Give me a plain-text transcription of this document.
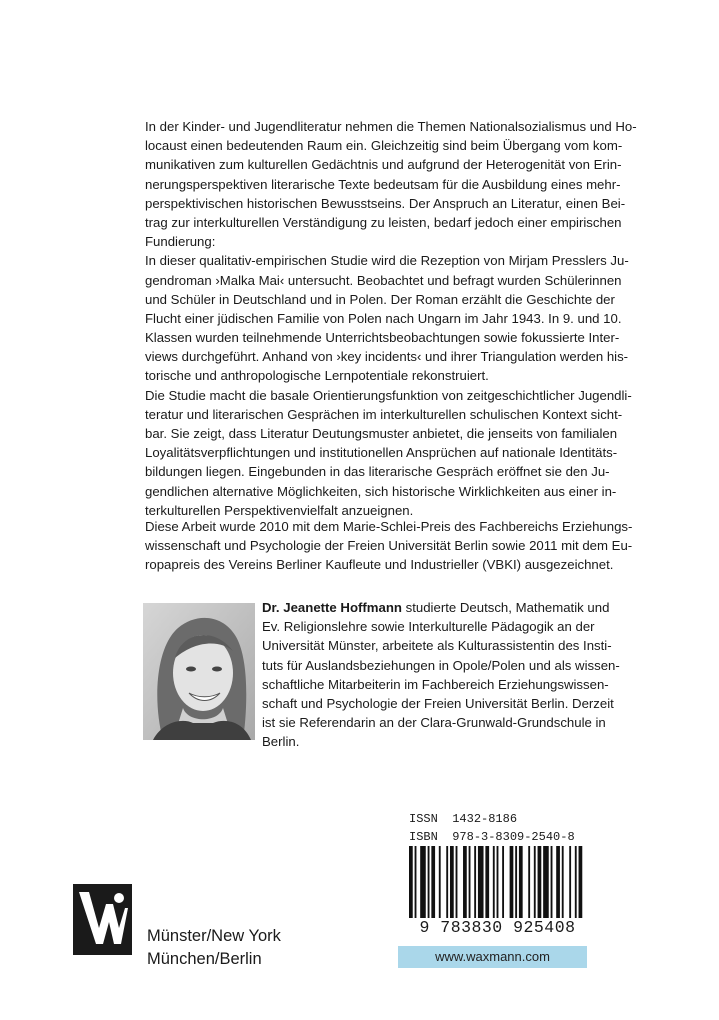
In der Kinder- und Jugendliteratur nehmen die Themen Nationalsozialismus und Ho-
locaust einen bedeutenden Raum ein. Gleichzeitig sind beim Übergang vom kom-
munikativen zum kulturellen Gedächtnis und aufgrund der Heterogenität von Erin-
nerungsperspektiven literarische Texte bedeutsam für die Ausbildung eines mehr-
perspektivischen historischen Bewusstseins. Der Anspruch an Literatur, einen Bei-
trag zur interkulturellen Verständigung zu leisten, bedarf jedoch einer empirischen
Fundierung:
In dieser qualitativ-empirischen Studie wird die Rezeption von Mirjam Presslers Ju-
gendroman ›Malka Mai‹ untersucht. Beobachtet und befragt wurden Schülerinnen
und Schüler in Deutschland und in Polen. Der Roman erzählt die Geschichte der
Flucht einer jüdischen Familie von Polen nach Ungarn im Jahr 1943. In 9. und 10.
Klassen wurden teilnehmende Unterrichtsbeobachtungen sowie fokussierte Inter-
views durchgeführt. Anhand von ›key incidents‹ und ihrer Triangulation werden his-
torische und anthropologische Lernpotentiale rekonstruiert.
Die Studie macht die basale Orientierungsfunktion von zeitgeschichtlicher Jugendli-
teratur und literarischen Gesprächen im interkulturellen schulischen Kontext sicht-
bar. Sie zeigt, dass Literatur Deutungsmuster anbietet, die jenseits von familialen
Loyalitätsverpflichtungen und institutionellen Ansprüchen auf nationale Identitäts-
bildungen liegen. Eingebunden in das literarische Gespräch eröffnet sie den Ju-
gendlichen alternative Möglichkeiten, sich historische Wirklichkeiten aus einer in-
terkulturellen Perspektivenvielfalt anzueignen.
Diese Arbeit wurde 2010 mit dem Marie-Schlei-Preis des Fachbereichs Erziehungs-
wissenschaft und Psychologie der Freien Universität Berlin sowie 2011 mit dem Eu-
ropapreis des Vereins Berliner Kaufleute und Industrieller (VBKI) ausgezeichnet.
Dr. Jeanette Hoffmann studierte Deutsch, Mathematik und
Ev. Religionslehre sowie Interkulturelle Pädagogik an der
Universität Münster, arbeitete als Kulturassistentin des Insti-
tuts für Auslandsbeziehungen in Opole/Polen und als wissen-
schaftliche Mitarbeiterin im Fachbereich Erziehungswissen-
schaft und Psychologie der Freien Universität Berlin. Derzeit
ist sie Referendarin an der Clara-Grunwald-Grundschule in
Berlin.
ISSN 1432-8186
ISBN 978-3-8309-2540-8
9 783830 925408
www.waxmann.com
Münster/New York
München/Berlin
